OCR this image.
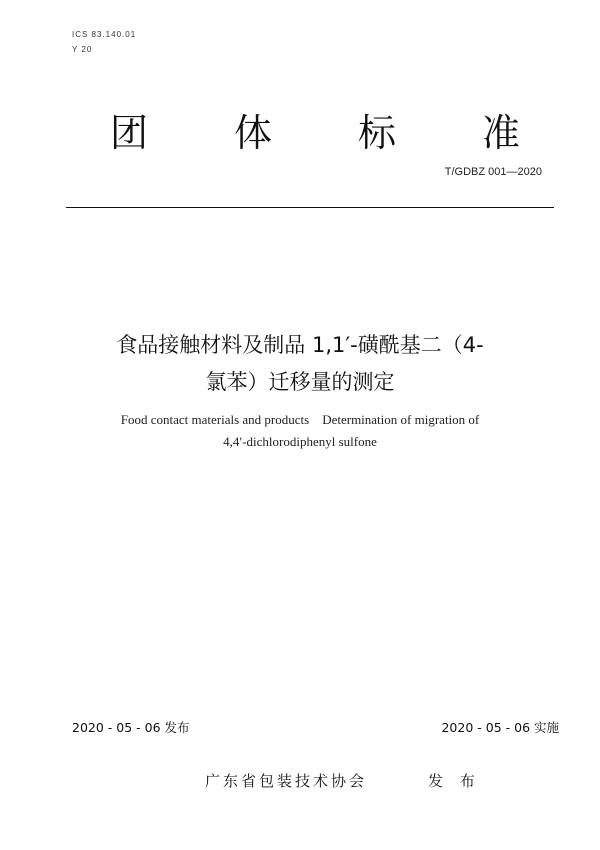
ICS 83.140.01
Y 20
团 体 标 准
T/GDBZ 001—2020
食品接触材料及制品 1,1′-磺酰基二（4-
氯苯）迁移量的测定
Food contact materials and products    Determination of migration of
4,4′-dichlorodiphenyl sulfone
2020 - 05 - 06 发布	2020 - 05 - 06 实施
广东省包装技术协会	发 布
